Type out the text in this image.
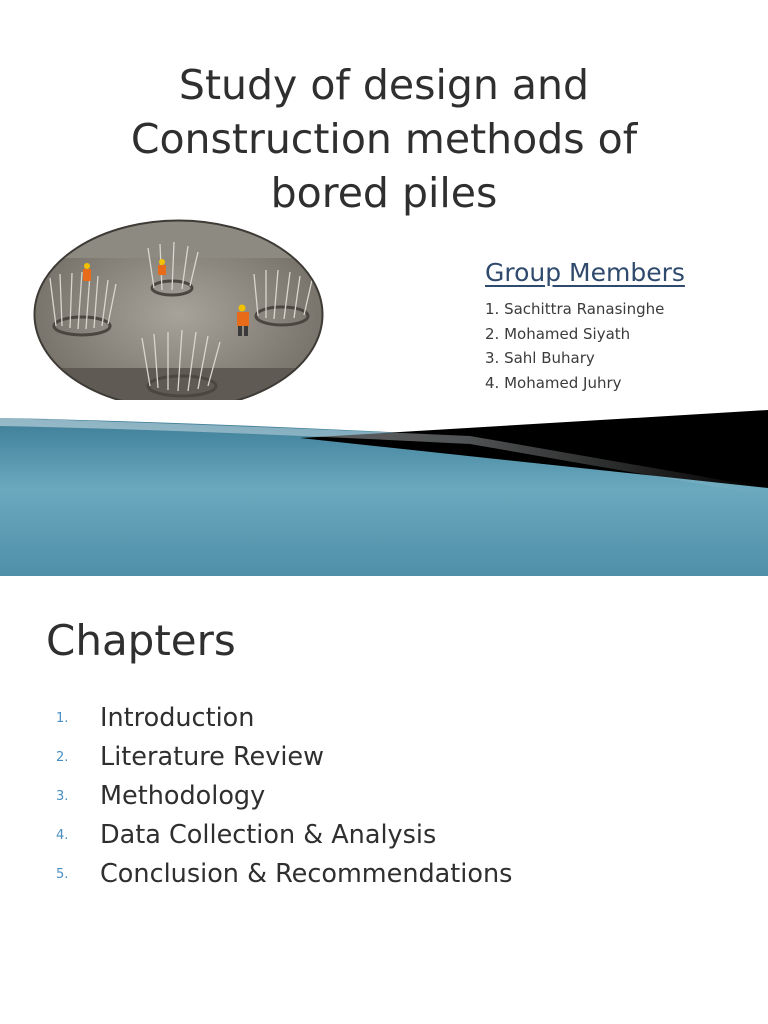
Study of design and
Construction methods of
bored piles
Group Members
1. Sachittra Ranasinghe
2. Mohamed Siyath
3. Sahl Buhary
4. Mohamed Juhry
Chapters
1. Introduction
2. Literature Review
3. Methodology
4. Data Collection & Analysis
5. Conclusion & Recommendations
